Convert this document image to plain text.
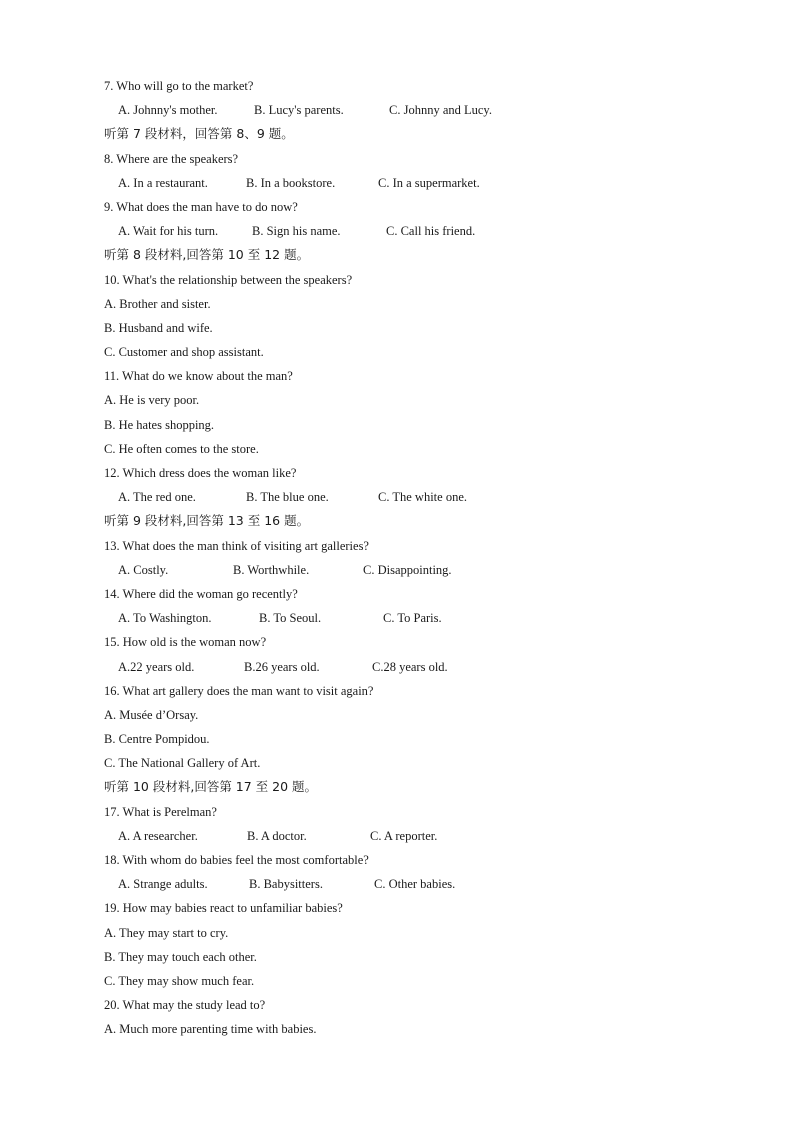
7. Who will go to the market?
A. Johnny's mother.	B. Lucy's parents.	C. Johnny and Lucy.
听第 7 段材料，回答第 8、9 题。
8. Where are the speakers?
A. In a restaurant.	B. In a bookstore.	C. In a supermarket.
9. What does the man have to do now?
A. Wait for his turn.	B. Sign his name.	C. Call his friend.
听第 8 段材料,回答第 10 至 12 题。
10. What's the relationship between the speakers?
A. Brother and sister.
B. Husband and wife.
C. Customer and shop assistant.
11. What do we know about the man?
A. He is very poor.
B. He hates shopping.
C. He often comes to the store.
12. Which dress does the woman like?
A. The red one.	B. The blue one.	C. The white one.
听第 9 段材料,回答第 13 至 16 题。
13. What does the man think of visiting art galleries?
A. Costly.	B. Worthwhile.	C. Disappointing.
14. Where did the woman go recently?
A. To Washington.	B. To Seoul.	C. To Paris.
15. How old is the woman now?
A.22 years old.	B.26 years old.	C.28 years old.
16. What art gallery does the man want to visit again?
A. Musée d’Orsay.
B. Centre Pompidou.
C. The National Gallery of Art.
听第 10 段材料,回答第 17 至 20 题。
17. What is Perelman?
A. A researcher.	B. A doctor.	C. A reporter.
18. With whom do babies feel the most comfortable?
A. Strange adults.	B. Babysitters.	C. Other babies.
19. How may babies react to unfamiliar babies?
A. They may start to cry.
B. They may touch each other.
C. They may show much fear.
20. What may the study lead to?
A. Much more parenting time with babies.
